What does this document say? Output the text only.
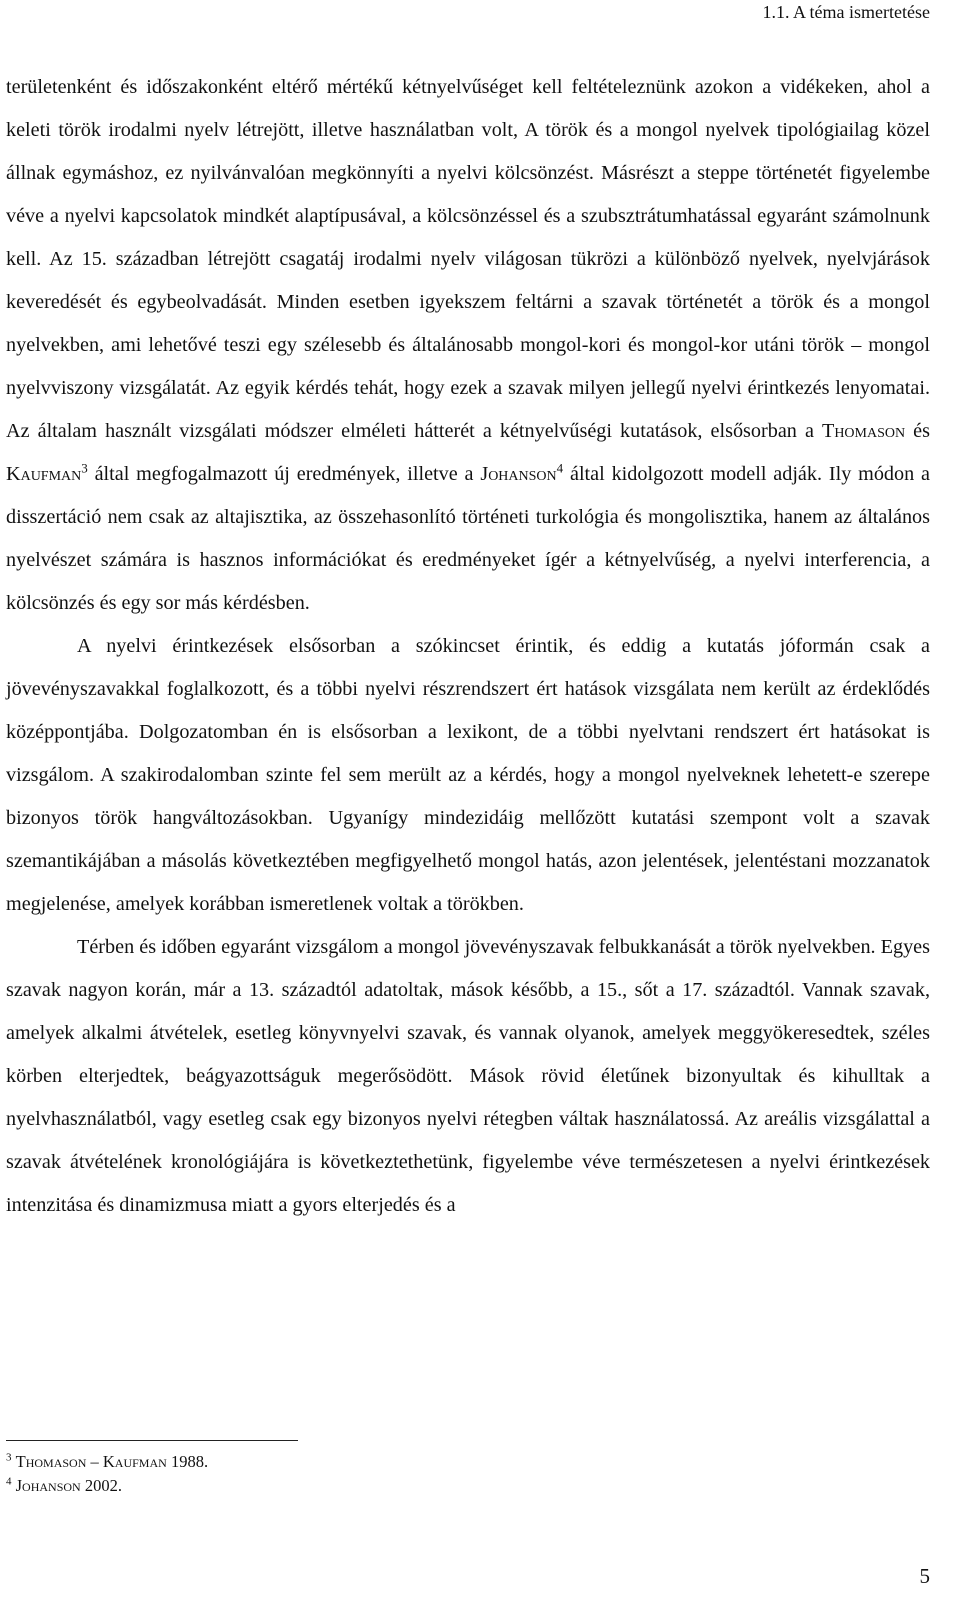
1.1. A téma ismertetése

területenként és időszakonként eltérő mértékű kétnyelvűséget kell feltételeznünk azokon a vidékeken, ahol a keleti török irodalmi nyelv létrejött, illetve használatban volt, A török és a mongol nyelvek tipológiailag közel állnak egymáshoz, ez nyilvánvalóan megkönnyíti a nyelvi kölcsönzést. Másrészt a steppe történetét figyelembe véve a nyelvi kapcsolatok mindkét alaptípusával, a kölcsönzéssel és a szubsztrátumhatással egyaránt számolnunk kell. Az 15. században létrejött csagatáj irodalmi nyelv világosan tükrözi a különböző nyelvek, nyelvjárások keveredését és egybeolvadását. Minden esetben igyekszem feltárni a szavak történetét a török és a mongol nyelvekben, ami lehetővé teszi egy szélesebb és általánosabb mongol-kori és mongol-kor utáni török – mongol nyelvviszony vizsgálatát. Az egyik kérdés tehát, hogy ezek a szavak milyen jellegű nyelvi érintkezés lenyomatai. Az általam használt vizsgálati módszer elméleti hátterét a kétnyelvűségi kutatások, elsősorban a Thomason és Kaufman$^3$ által megfogalmazott új eredmények, illetve a Johanson$^4$ által kidolgozott modell adják. Ily módon a disszertáció nem csak az altajisztika, az összehasonlító történeti turkológia és mongolisztika, hanem az általános nyelvészet számára is hasznos információkat és eredményeket ígér a kétnyelvűség, a nyelvi interferencia, a kölcsönzés és egy sor más kérdésben.

A nyelvi érintkezések elsősorban a szókincset érintik, és eddig a kutatás jóformán csak a jövevényszavakkal foglalkozott, és a többi nyelvi részrendszert ért hatások vizsgálata nem került az érdeklődés középpontjába. Dolgozatomban én is elsősorban a lexikont, de a többi nyelvtani rendszert ért hatásokat is vizsgálom. A szakirodalomban szinte fel sem merült az a kérdés, hogy a mongol nyelveknek lehetett-e szerepe bizonyos török hangváltozásokban. Ugyanígy mindezidáig mellőzött kutatási szempont volt a szavak szemantikájában a másolás következtében megfigyelhető mongol hatás, azon jelentések, jelentéstani mozzanatok megjelenése, amelyek korábban ismeretlenek voltak a törökben.

Térben és időben egyaránt vizsgálom a mongol jövevényszavak felbukkanását a török nyelvekben. Egyes szavak nagyon korán, már a 13. századtól adatoltak, mások később, a 15., sőt a 17. századtól. Vannak szavak, amelyek alkalmi átvételek, esetleg könyvnyelvi szavak, és vannak olyanok, amelyek meggyökeresedtek, széles körben elterjedtek, beágyazottságuk megerősödött. Mások rövid életűnek bizonyultak és kihulltak a nyelvhasználatból, vagy esetleg csak egy bizonyos nyelvi rétegben váltak használatossá. Az areális vizsgálattal a szavak átvételének kronológiájára is következtethetünk, figyelembe véve természetesen a nyelvi érintkezések intenzitása és dinamizmusa miatt a gyors elterjedés és a

$^3$ Thomason – Kaufman 1988.
$^4$ Johanson 2002.
5
